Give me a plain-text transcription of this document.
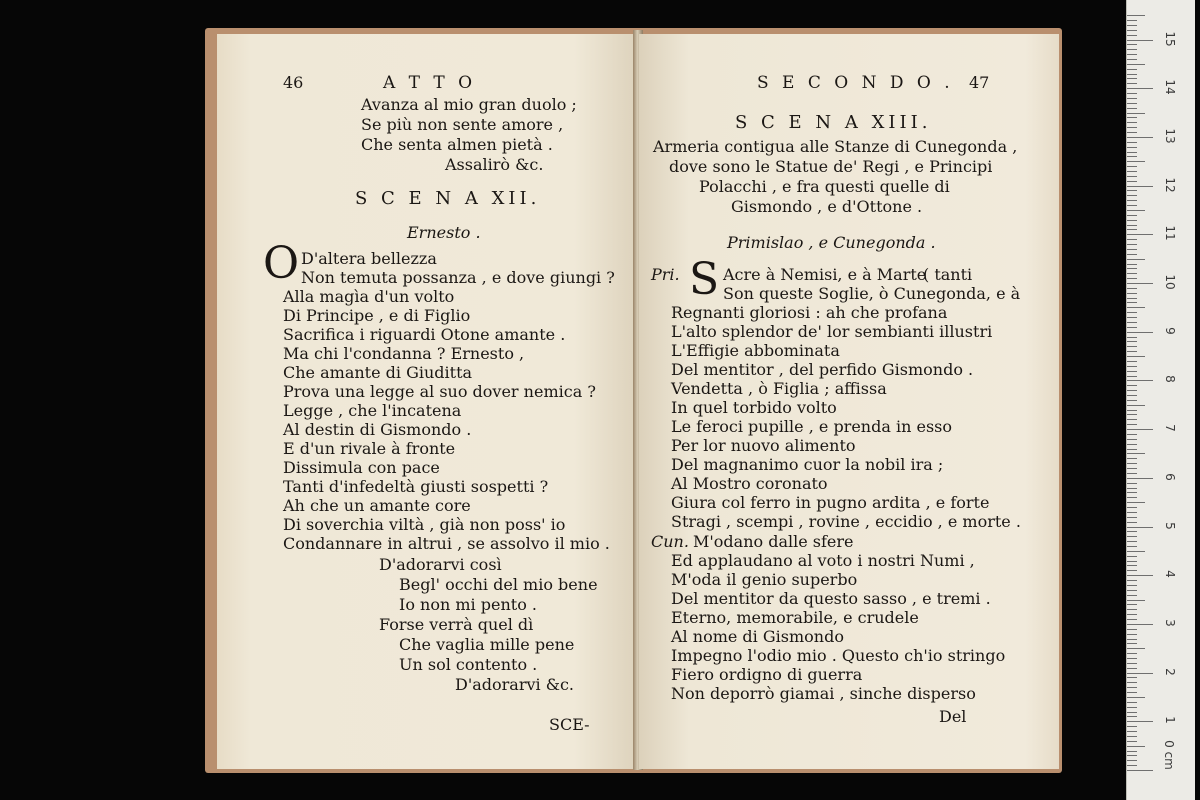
46	A T T O
Avanza al mio gran duolo ;
Se più non sente amore ,
Che senta almen pietà .
Assalirò &c.
S C E N A XII.
Ernesto .
O D'altera bellezza
Non temuta possanza , e dove giungi ?
Alla magìa d'un volto
Di Principe , e di Figlio
Sacrifica i riguardi Otone amante .
Ma chi l'condanna ? Ernesto ,
Che amante di Giuditta
Prova una legge al suo dover nemica ?
Legge , che l'incatena
Al destin di Gismondo .
E d'un rivale à fronte
Dissimula con pace
Tanti d'infedeltà giusti sospetti ?
Ah che un amante core
Di soverchia viltà , già non poss' io
Condannare in altrui , se assolvo il mio .
D'adorarvi così
Begl' occhi del mio bene
Io non mi pento .
Forse verrà quel dì
Che vaglia mille pene
Un sol contento .
D'adorarvi &c.
SCE-
S E C O N D O . 47
S C E N A XIII.
Armeria contigua alle Stanze di Cunegonda ,
dove sono le Statue de' Regi , e Principi
Polacchi , e fra questi quelle di
Gismondo , e d'Ottone .
Primislao , e Cunegonda .
Pri. S Acre à Nemisi, e à Marte
( tanti
Son queste Soglie, ò Cunegonda, e à
Regnanti gloriosi : ah che profana
L'alto splendor de' lor sembianti illustri
L'Effigie abbominata
Del mentitor , del perfido Gismondo .
Vendetta , ò Figlia ; affissa
In quel torbido volto
Le feroci pupille , e prenda in esso
Per lor nuovo alimento
Del magnanimo cuor la nobil ira ;
Al Mostro coronato
Giura col ferro in pugno ardita , e forte
Stragi , scempi , rovine , eccidio , e morte .
Cun. M'odano dalle sfere
Ed applaudano al voto i nostri Numi ,
M'oda il genio superbo
Del mentitor da questo sasso , e tremi .
Eterno, memorabile, e crudele
Al nome di Gismondo
Impegno l'odio mio . Questo ch'io stringo
Fiero ordigno di guerra
Non deporrò giamai , sinche disperso
Del
0 cm
1
2
3
4
5
6
7
8
9
10
11
12
13
14
15
